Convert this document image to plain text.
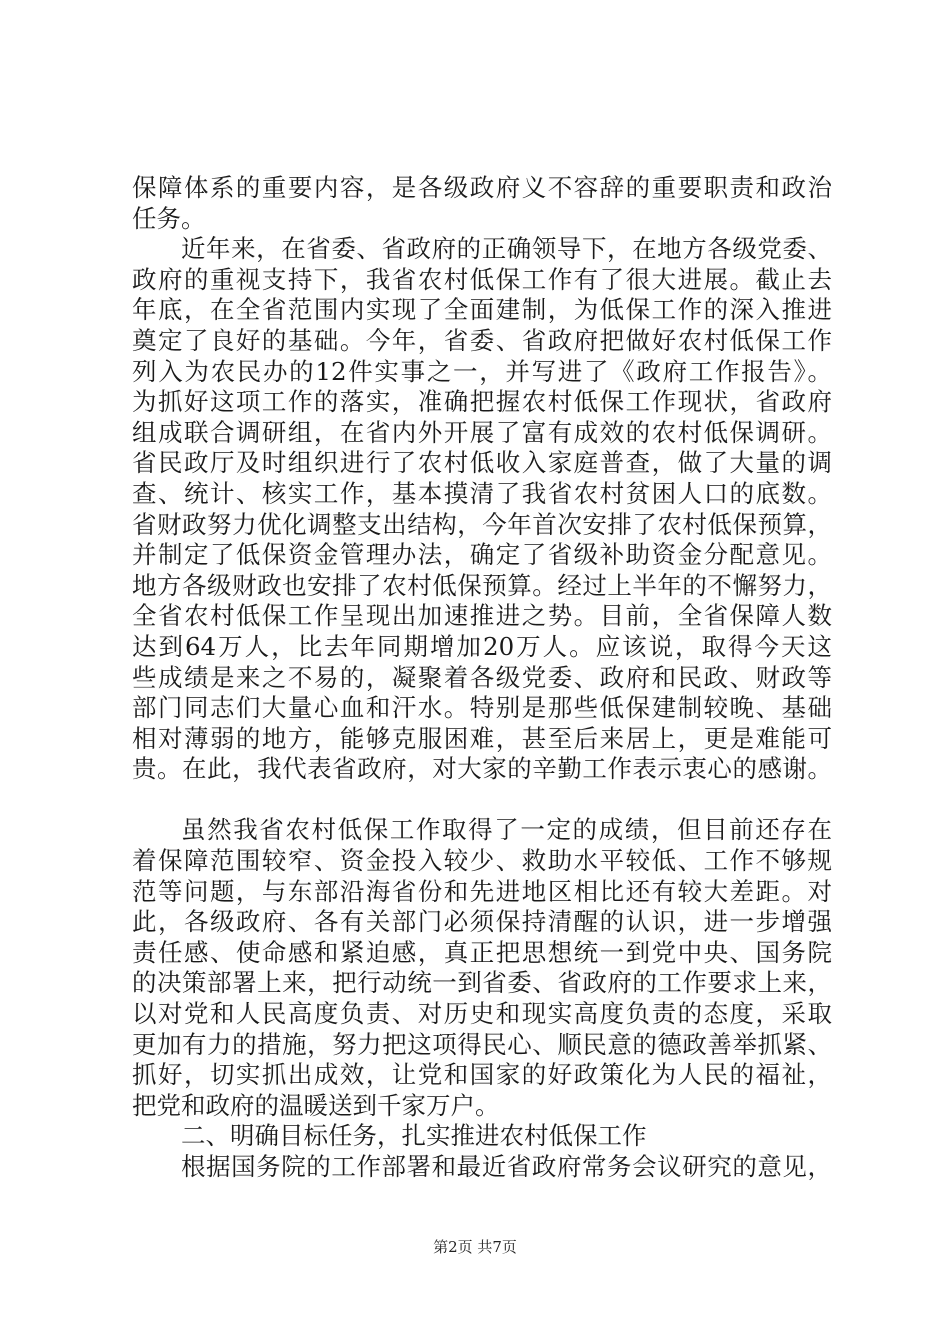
保障体系的重要内容，是各级政府义不容辞的重要职责和政治
任务。
近年来，在省委、省政府的正确领导下，在地方各级党委、
政府的重视支持下，我省农村低保工作有了很大进展。截止去
年底，在全省范围内实现了全面建制，为低保工作的深入推进
奠定了良好的基础。今年，省委、省政府把做好农村低保工作
列入为农民办的12件实事之一，并写进了《政府工作报告》。
为抓好这项工作的落实，准确把握农村低保工作现状，省政府
组成联合调研组，在省内外开展了富有成效的农村低保调研。
省民政厅及时组织进行了农村低收入家庭普查，做了大量的调
查、统计、核实工作，基本摸清了我省农村贫困人口的底数。
省财政努力优化调整支出结构，今年首次安排了农村低保预算，
并制定了低保资金管理办法，确定了省级补助资金分配意见。
地方各级财政也安排了农村低保预算。经过上半年的不懈努力，
全省农村低保工作呈现出加速推进之势。目前，全省保障人数
达到64万人，比去年同期增加20万人。应该说，取得今天这
些成绩是来之不易的，凝聚着各级党委、政府和民政、财政等
部门同志们大量心血和汗水。特别是那些低保建制较晚、基础
相对薄弱的地方，能够克服困难，甚至后来居上，更是难能可
贵。在此，我代表省政府，对大家的辛勤工作表示衷心的感谢。
虽然我省农村低保工作取得了一定的成绩，但目前还存在
着保障范围较窄、资金投入较少、救助水平较低、工作不够规
范等问题，与东部沿海省份和先进地区相比还有较大差距。对
此，各级政府、各有关部门必须保持清醒的认识，进一步增强
责任感、使命感和紧迫感，真正把思想统一到党中央、国务院
的决策部署上来，把行动统一到省委、省政府的工作要求上来，
以对党和人民高度负责、对历史和现实高度负责的态度，采取
更加有力的措施，努力把这项得民心、顺民意的德政善举抓紧、
抓好，切实抓出成效，让党和国家的好政策化为人民的福祉，
把党和政府的温暖送到千家万户。
二、明确目标任务，扎实推进农村低保工作
根据国务院的工作部署和最近省政府常务会议研究的意见，
第2页 共7页
